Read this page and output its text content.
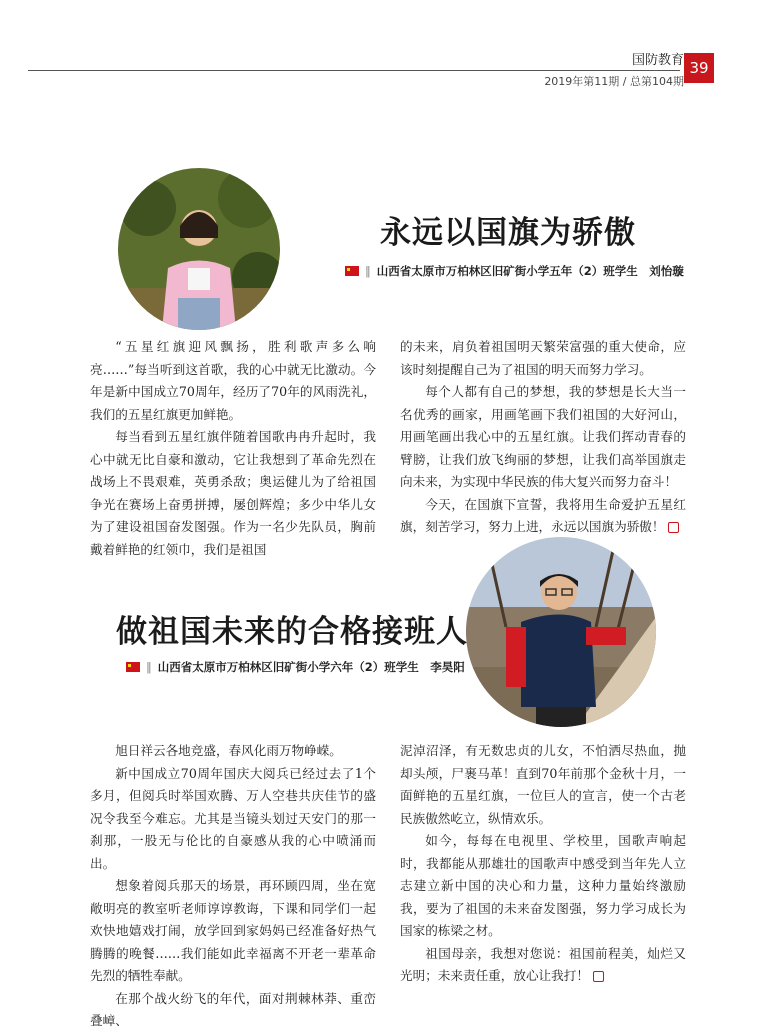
国防教育
2019年第11期 / 总第104期
39
永远以国旗为骄傲
‖ 山西省太原市万柏林区旧矿街小学五年（2）班学生　刘怡璇

“五星红旗迎风飘扬，胜利歌声多么响亮……”每当听到这首歌，我的心中就无比激动。今年是新中国成立70周年，经历了70年的风雨洗礼，我们的五星红旗更加鲜艳。

每当看到五星红旗伴随着国歌冉冉升起时，我心中就无比自豪和激动，它让我想到了革命先烈在战场上不畏艰难，英勇杀敌；奥运健儿为了给祖国争光在赛场上奋勇拼搏，屡创辉煌；多少中华儿女为了建设祖国奋发图强。作为一名少先队员，胸前戴着鲜艳的红领巾，我们是祖国

的未来，肩负着祖国明天繁荣富强的重大使命，应该时刻提醒自己为了祖国的明天而努力学习。

每个人都有自己的梦想，我的梦想是长大当一名优秀的画家，用画笔画下我们祖国的大好河山，用画笔画出我心中的五星红旗。让我们挥动青春的臂膀，让我们放飞绚丽的梦想，让我们高举国旗走向未来，为实现中华民族的伟大复兴而努力奋斗！

今天，在国旗下宣誓，我将用生命爱护五星红旗，刻苦学习，努力上进，永远以国旗为骄傲！

做祖国未来的合格接班人
‖ 山西省太原市万柏林区旧矿街小学六年（2）班学生　李昊阳

旭日祥云各地竞盛，春风化雨万物峥嵘。

新中国成立70周年国庆大阅兵已经过去了1个多月，但阅兵时举国欢腾、万人空巷共庆佳节的盛况令我至今难忘。尤其是当镜头划过天安门的那一刹那，一股无与伦比的自豪感从我的心中喷涌而出。

想象着阅兵那天的场景，再环顾四周，坐在宽敞明亮的教室听老师谆谆教诲，下课和同学们一起欢快地嬉戏打闹，放学回到家妈妈已经准备好热气腾腾的晚餐……我们能如此幸福离不开老一辈革命先烈的牺牲奉献。

在那个战火纷飞的年代，面对荆棘林莽、重峦叠嶂、

泥淖沼泽，有无数忠贞的儿女，不怕洒尽热血，抛却头颅，尸裹马革！直到70年前那个金秋十月，一面鲜艳的五星红旗，一位巨人的宣言，使一个古老民族傲然屹立，纵情欢乐。

如今，每每在电视里、学校里，国歌声响起时，我都能从那雄壮的国歌声中感受到当年先人立志建立新中国的决心和力量，这种力量始终激励我，要为了祖国的未来奋发图强，努力学习成长为国家的栋梁之材。

祖国母亲，我想对您说：祖国前程美，灿烂又光明；未来责任重，放心让我打！
